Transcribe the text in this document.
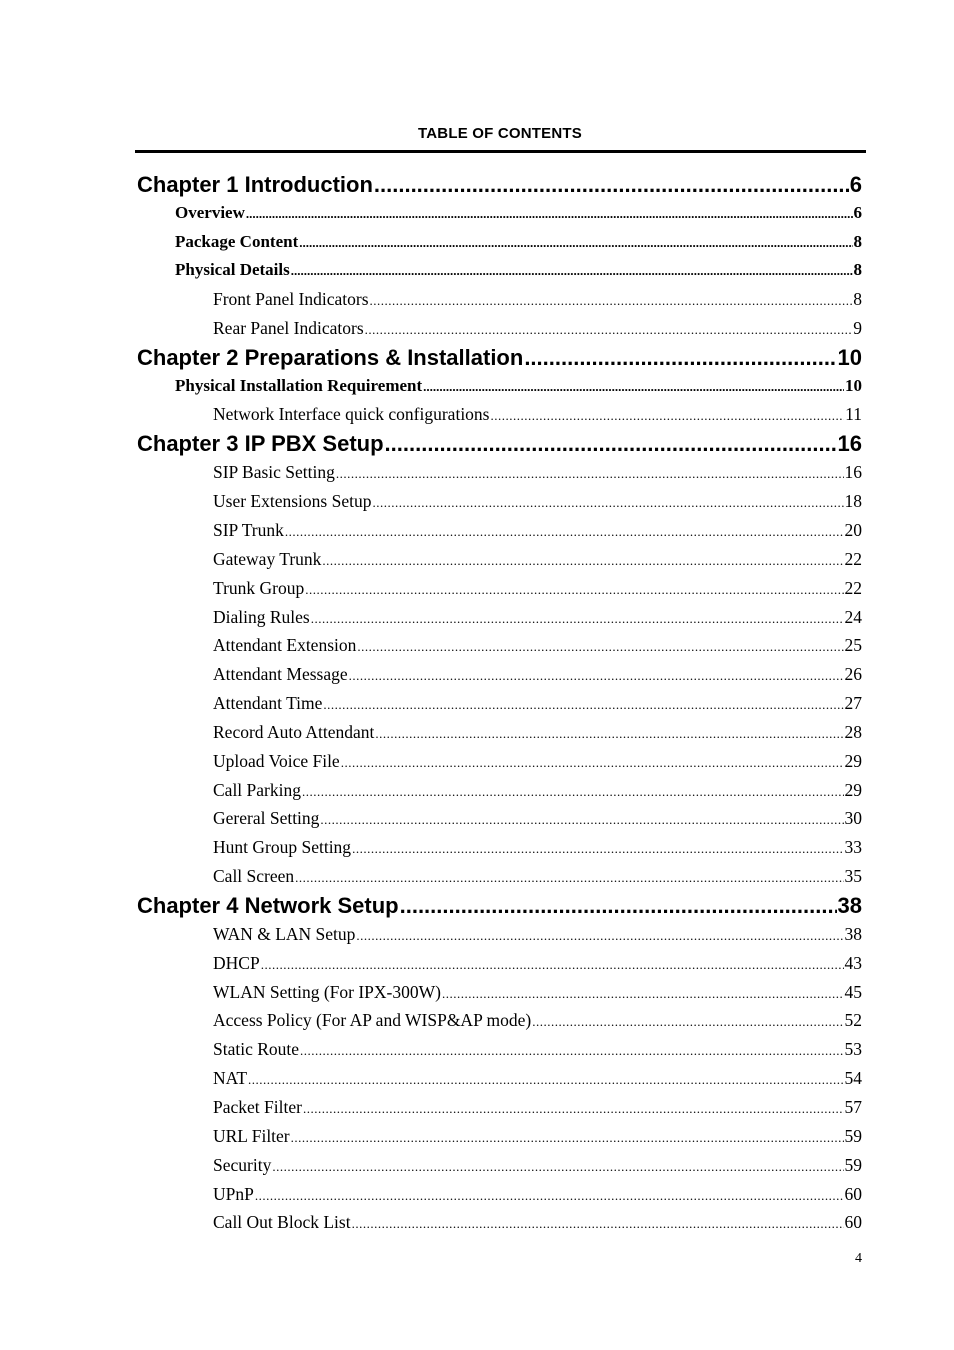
TABLE OF CONTENTS
Chapter 1 Introduction .....	6
Overview .....	6
Package Content .....	8
Physical Details .....	8
Front Panel Indicators .....	8
Rear Panel Indicators .....	9
Chapter 2 Preparations & Installation .....	10
Physical Installation Requirement .....	10
Network Interface quick configurations .....	11
Chapter 3 IP PBX Setup .....	16
SIP Basic Setting .....	16
User Extensions Setup .....	18
SIP Trunk .....	20
Gateway Trunk .....	22
Trunk Group .....	22
Dialing Rules .....	24
Attendant Extension .....	25
Attendant Message .....	26
Attendant Time .....	27
Record Auto Attendant .....	28
Upload Voice File .....	29
Call Parking .....	29
Gereral Setting .....	30
Hunt Group Setting .....	33
Call Screen .....	35
Chapter 4 Network Setup .....	38
WAN & LAN Setup .....	38
DHCP .....	43
WLAN Setting (For IPX-300W) .....	45
Access Policy (For AP and WISP&AP mode) .....	52
Static Route .....	53
NAT .....	54
Packet Filter .....	57
URL Filter .....	59
Security .....	59
UPnP .....	60
Call Out Block List .....	60
4
